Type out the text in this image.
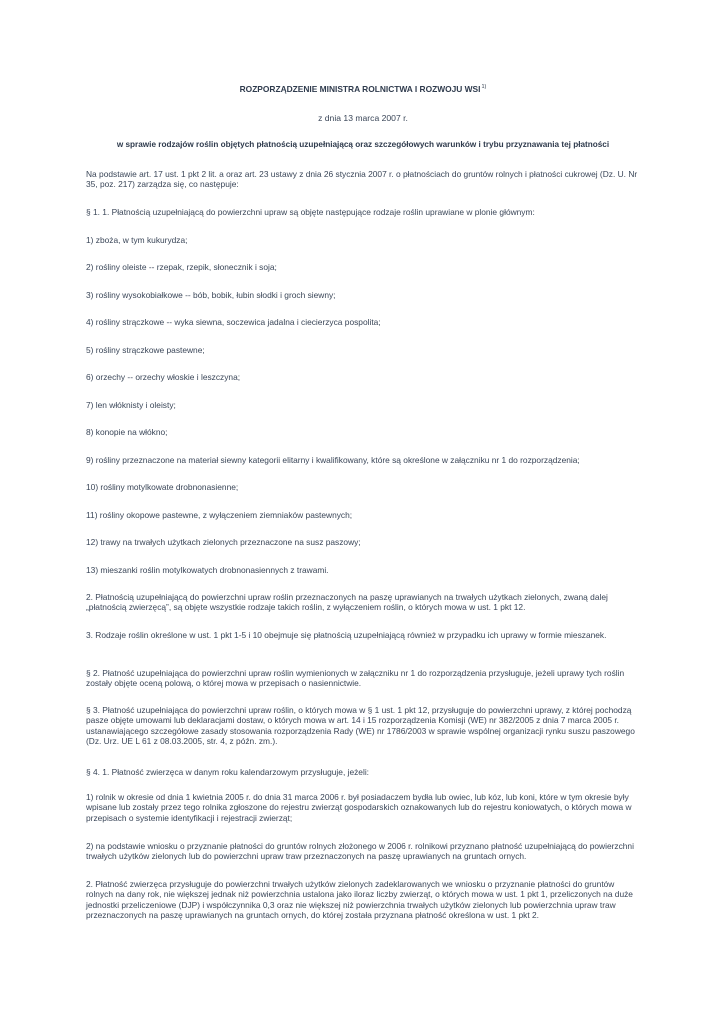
ROZPORZĄDZENIE MINISTRA ROLNICTWA I ROZWOJU WSI$^{1)}$
z dnia 13 marca 2007 r.
w sprawie rodzajów roślin objętych płatnością uzupełniającą oraz szczegółowych warunków i trybu przyznawania tej płatności

Na podstawie art. 17 ust. 1 pkt 2 lit. a oraz art. 23 ustawy z dnia 26 stycznia 2007 r. o płatnościach do gruntów rolnych i płatności cukrowej (Dz. U. Nr 35, poz. 217) zarządza się, co następuje:

§ 1. 1. Płatnością uzupełniającą do powierzchni upraw są objęte następujące rodzaje roślin uprawiane w plonie głównym:

1) zboża, w tym kukurydza;

2) rośliny oleiste -- rzepak, rzepik, słonecznik i soja;

3) rośliny wysokobiałkowe -- bób, bobik, łubin słodki i groch siewny;

4) rośliny strączkowe -- wyka siewna, soczewica jadalna i ciecierzyca pospolita;

5) rośliny strączkowe pastewne;

6) orzechy -- orzechy włoskie i leszczyna;

7) len włóknisty i oleisty;

8) konopie na włókno;

9) rośliny przeznaczone na materiał siewny kategorii elitarny i kwalifikowany, które są określone w załączniku nr 1 do rozporządzenia;

10) rośliny motylkowate drobnonasienne;

11) rośliny okopowe pastewne, z wyłączeniem ziemniaków pastewnych;

12) trawy na trwałych użytkach zielonych przeznaczone na susz paszowy;

13) mieszanki roślin motylkowatych drobnonasiennych z trawami.

2. Płatnością uzupełniającą do powierzchni upraw roślin przeznaczonych na paszę uprawianych na trwałych użytkach zielonych, zwaną dalej „płatnością zwierzęcą”, są objęte wszystkie rodzaje takich roślin, z wyłączeniem roślin, o których mowa w ust. 1 pkt 12.

3. Rodzaje roślin określone w ust. 1 pkt 1-5 i 10 obejmuje się płatnością uzupełniającą również w przypadku ich uprawy w formie mieszanek.

§ 2. Płatność uzupełniająca do powierzchni upraw roślin wymienionych w załączniku nr 1 do rozporządzenia przysługuje, jeżeli uprawy tych roślin zostały objęte oceną polową, o której mowa w przepisach o nasiennictwie.

§ 3. Płatność uzupełniająca do powierzchni upraw roślin, o których mowa w § 1 ust. 1 pkt 12, przysługuje do powierzchni uprawy, z której pochodzą pasze objęte umowami lub deklaracjami dostaw, o których mowa w art. 14 i 15 rozporządzenia Komisji (WE) nr 382/2005 z dnia 7 marca 2005 r. ustanawiającego szczegółowe zasady stosowania rozporządzenia Rady (WE) nr 1786/2003 w sprawie wspólnej organizacji rynku suszu paszowego (Dz. Urz. UE L 61 z 08.03.2005, str. 4, z późn. zm.).

§ 4. 1. Płatność zwierzęca w danym roku kalendarzowym przysługuje, jeżeli:

1) rolnik w okresie od dnia 1 kwietnia 2005 r. do dnia 31 marca 2006 r. był posiadaczem bydła lub owiec, lub kóz, lub koni, które w tym okresie były wpisane lub zostały przez tego rolnika zgłoszone do rejestru zwierząt gospodarskich oznakowanych lub do rejestru koniowatych, o których mowa w przepisach o systemie identyfikacji i rejestracji zwierząt;

2) na podstawie wniosku o przyznanie płatności do gruntów rolnych złożonego w 2006 r. rolnikowi przyznano płatność uzupełniającą do powierzchni trwałych użytków zielonych lub do powierzchni upraw traw przeznaczonych na paszę uprawianych na gruntach ornych.

2. Płatność zwierzęca przysługuje do powierzchni trwałych użytków zielonych zadeklarowanych we wniosku o przyznanie płatności do gruntów rolnych na dany rok, nie większej jednak niż powierzchnia ustalona jako iloraz liczby zwierząt, o których mowa w ust. 1 pkt 1, przeliczonych na duże jednostki przeliczeniowe (DJP) i współczynnika 0,3 oraz nie większej niż powierzchnia trwałych użytków zielonych lub powierzchnia upraw traw przeznaczonych na paszę uprawianych na gruntach ornych, do której została przyznana płatność określona w ust. 1 pkt 2.
